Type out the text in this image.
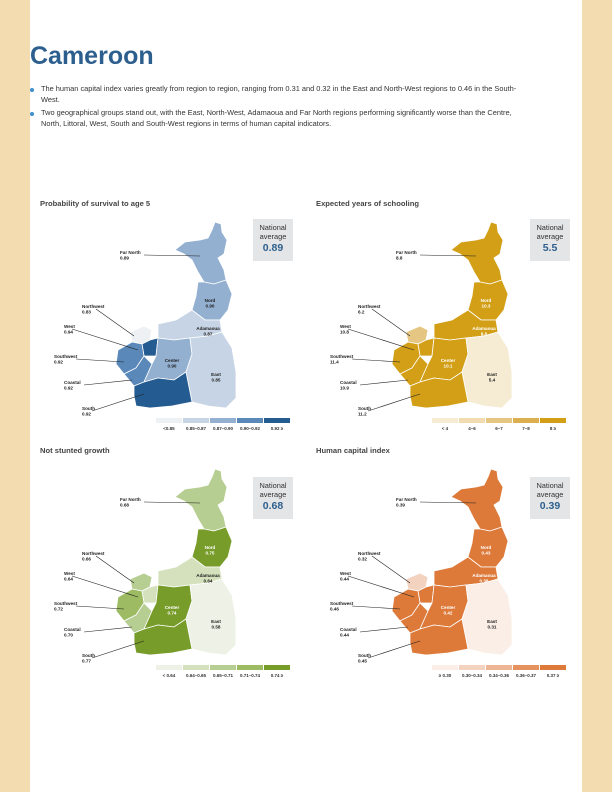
Cameroon
The human capital index varies greatly from region to region, ranging from 0.31 and 0.32 in the East and North-West regions to 0.46 in the South-West.
Two geographical groups stand out, with the East, North-West, Adamaoua and Far North regions performing significantly worse than the Centre, North, Littoral, West, South and South-West regions in terms of human capital indicators.
Probability of survival to age 5	Expected years of schooling
Not stunted growth	Human capital index
National average
0.89
National average
5.5
National average
0.68
National average
0.39
Far North
0.89
Nord
0.90
Adamaoua
0.87
Northwest
0.83
West
0.94
Southwest
0.92
Coastal
0.92
Center
0.90
East
0.85
South
0.92
<0.85	0.85–0.87 0.87–0.90 0.90–0.92 0.92 ≥
Far North
8.8
Nord
10.3
Adamaoua
8.8
Northwest
6.2
West
10.8
Southwest
11.4
Coastal
10.9
Center
10.1
East
5.4
South
11.2
< 4	4–6	6–7	7–8	8 ≥
Far North
0.68
Nord
0.75
Adamaoua
0.64
Northwest
0.66
West
0.64
Southwest
0.72
Coastal
0.70
Center
0.74
East
0.58
South
0.77
< 0.64 0.64–0.65 0.65–0.71 0.71–0.74 0.74 ≥
Far North
0.39
Nord
0.43
Adamaoua
0.38
Northwest
0.32
West
0.44
Southwest
0.46
Coastal
0.44
Center
0.42
East
0.31
South
0.45
≥ 0.30 0.30–0.34 0.34–0.36 0.36–0.37 0.37 ≥
